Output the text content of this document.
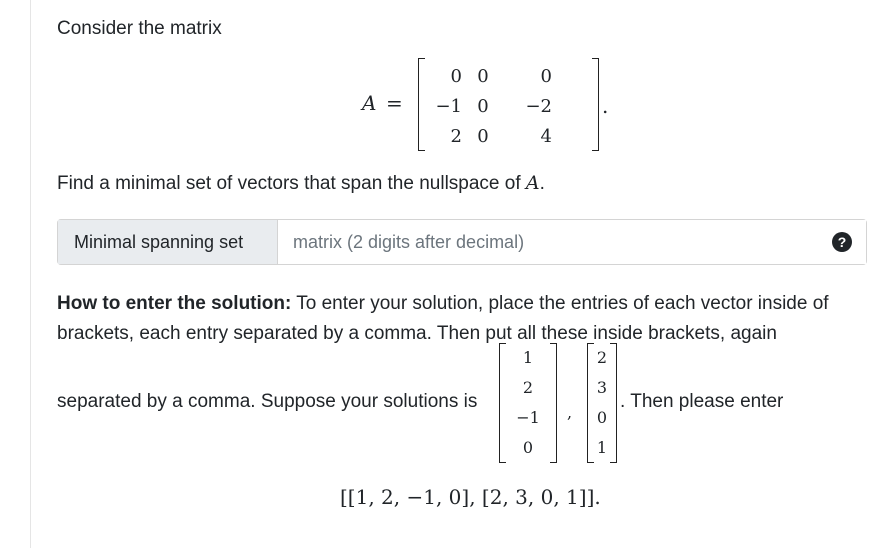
Consider the matrix
A =
0 0	0
−1 0	−2
2 0	4
.
Find a minimal set of vectors that span the nullspace of A.
Minimal spanning set
matrix (2 digits after decimal)	?
How to enter the solution: To enter your solution, place the entries of each vector inside of brackets, each entry separated by a comma. Then put all these inside brackets, again
separated by a comma. Suppose your solutions is
1
2
−1
0
,
2
3
0
1
. Then please enter
[[1, 2, −1, 0], [2, 3, 0, 1]].
